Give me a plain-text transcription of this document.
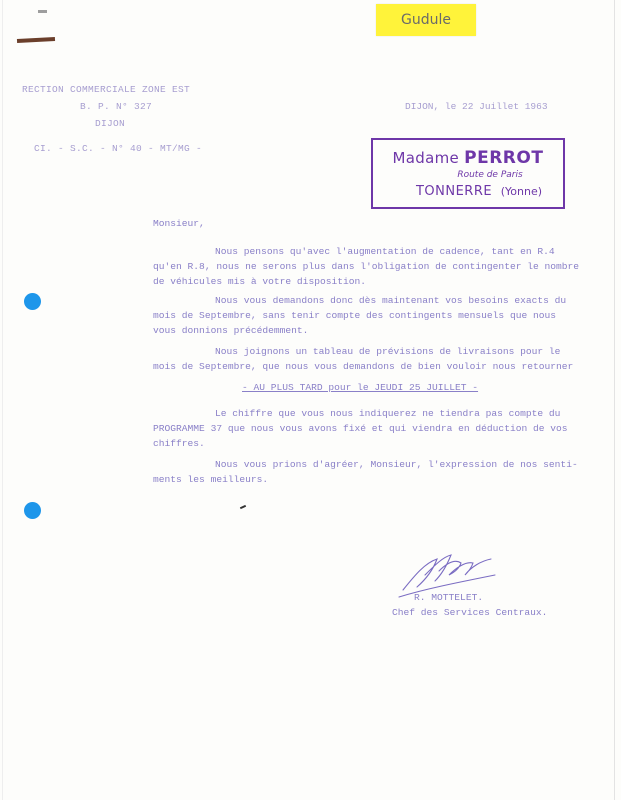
Gudule
RECTION COMMERCIALE ZONE EST
B. P. N° 327
DIJON
CI. - S.C. - N° 40 - MT/MG -
DIJON, le 22 Juillet 1963
Madame PERROT
Route de Paris
TONNERRE (Yonne)
Monsieur,
Nous pensons qu'avec l'augmentation de cadence, tant en R.4
qu'en R.8, nous ne serons plus dans l'obligation de contingenter le nombre
de véhicules mis à votre disposition.
Nous vous demandons donc dès maintenant vos besoins exacts du
mois de Septembre, sans tenir compte des contingents mensuels que nous
vous donnions précédemment.
Nous joignons un tableau de prévisions de livraisons pour le
mois de Septembre, que nous vous demandons de bien vouloir nous retourner
- AU PLUS TARD pour le JEUDI 25 JUILLET -
Le chiffre que vous nous indiquerez ne tiendra pas compte du
PROGRAMME 37 que nous vous avons fixé et qui viendra en déduction de vos
chiffres.
Nous vous prions d'agréer, Monsieur, l'expression de nos senti-
ments les meilleurs.
R. MOTTELET.
Chef des Services Centraux.
